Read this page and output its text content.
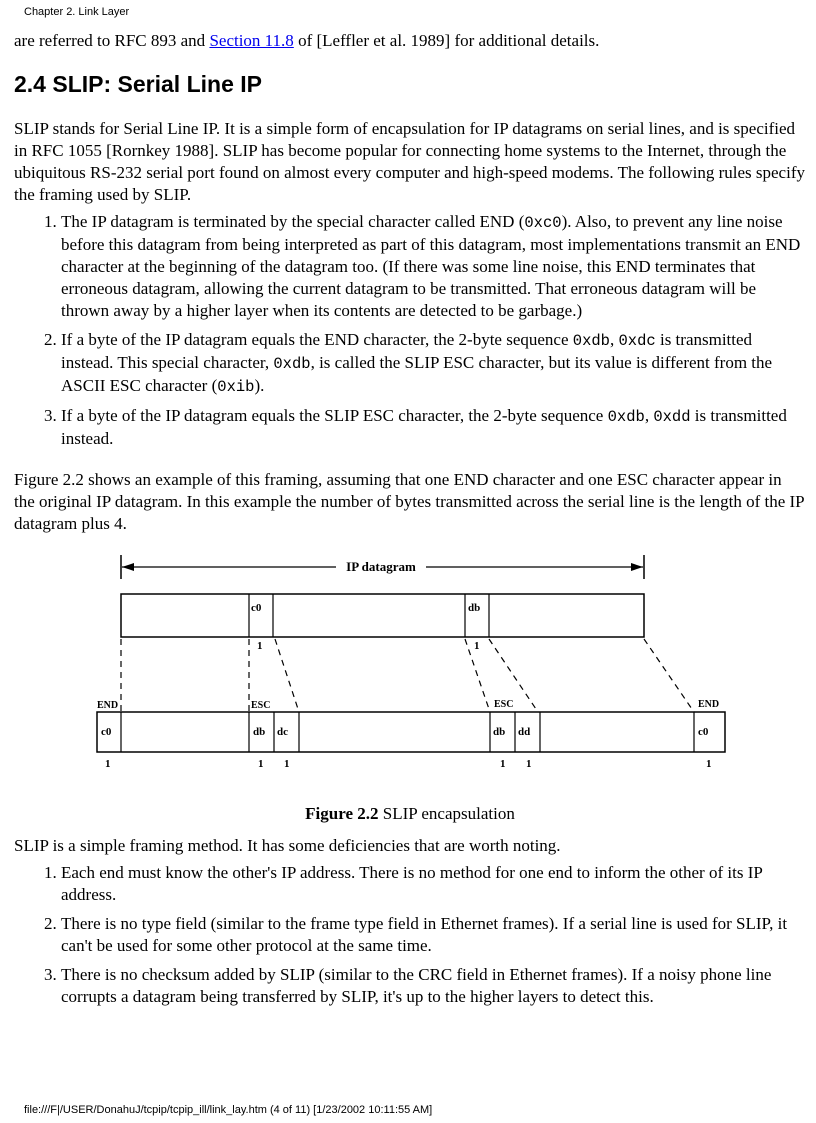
Chapter 2. Link Layer

are referred to RFC 893 and Section 11.8 of [Leffler et al. 1989] for additional details.

2.4 SLIP: Serial Line IP

SLIP stands for Serial Line IP. It is a simple form of encapsulation for IP datagrams on serial lines, and is specified in RFC 1055 [Rornkey 1988]. SLIP has become popular for connecting home systems to the Internet, through the ubiquitous RS-232 serial port found on almost every computer and high-speed modems. The following rules specify the framing used by SLIP.

1. The IP datagram is terminated by the special character called END (0xc0). Also, to prevent any line noise before this datagram from being interpreted as part of this datagram, most implementations transmit an END character at the beginning of the datagram too. (If there was some line noise, this END terminates that erroneous datagram, allowing the current datagram to be transmitted. That erroneous datagram will be thrown away by a higher layer when its contents are detected to be garbage.)
2. If a byte of the IP datagram equals the END character, the 2-byte sequence 0xdb, 0xdc is transmitted instead. This special character, 0xdb, is called the SLIP ESC character, but its value is different from the ASCII ESC character (0xib).
3. If a byte of the IP datagram equals the SLIP ESC character, the 2-byte sequence 0xdb, 0xdd is transmitted instead.

Figure 2.2 shows an example of this framing, assuming that one END character and one ESC character appear in the original IP datagram. In this example the number of bytes transmitted across the serial line is the length of the IP datagram plus 4.

IP datagram
c0	db
1	1
c0	db dc	db dd	c0
END	ESC	ESC	END
1	1 1	1 1	1
Figure 2.2 SLIP encapsulation

SLIP is a simple framing method. It has some deficiencies that are worth noting.

1. Each end must know the other's IP address. There is no method for one end to inform the other of its IP address.
2. There is no type field (similar to the frame type field in Ethernet frames). If a serial line is used for SLIP, it can't be used for some other protocol at the same time.
3. There is no checksum added by SLIP (similar to the CRC field in Ethernet frames). If a noisy phone line corrupts a datagram being transferred by SLIP, it's up to the higher layers to detect this.
file:///F|/USER/DonahuJ/tcpip/tcpip_ill/link_lay.htm (4 of 11) [1/23/2002 10:11:55 AM]
